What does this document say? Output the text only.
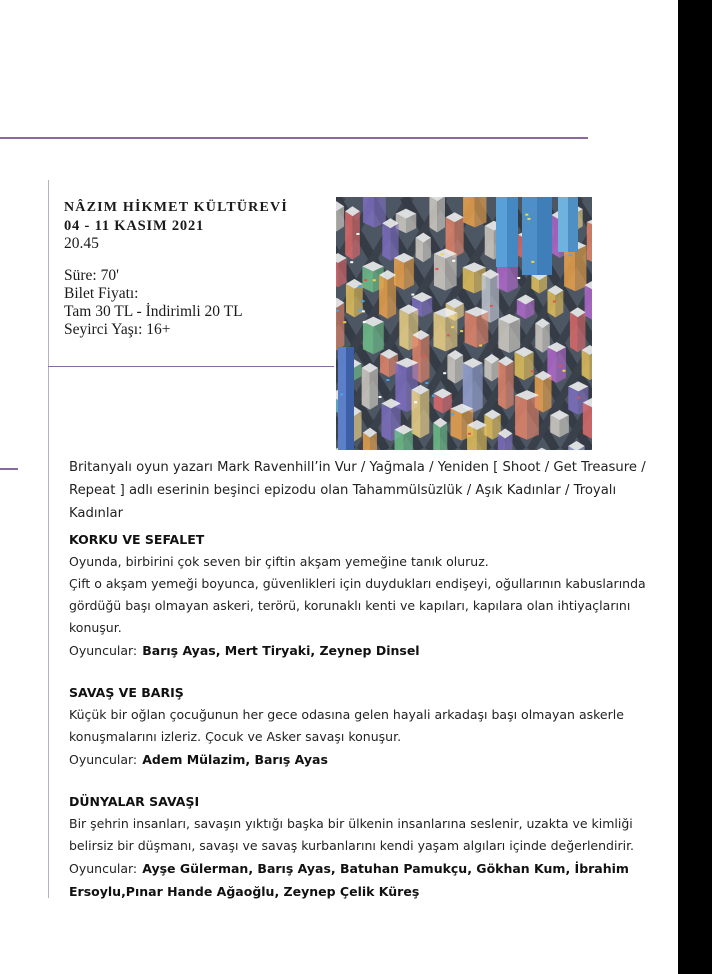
NÂZIM HİKMET KÜLTÜREVİ
04 - 11 KASIM 2021
20.45
Süre: 70'
Bilet Fiyatı:
Tam 30 TL - İndirimli 20 TL
Seyirci Yaşı: 16+

Britanyalı oyun yazarı Mark Ravenhill’in Vur / Yağmala / Yeniden [ Shoot / Get Treasure / Repeat ] adlı eserinin beşinci epizodu olan Tahammülsüzlük / Aşık Kadınlar / Troyalı Kadınlar

KORKU VE SEFALET
Oyunda, birbirini çok seven bir çiftin akşam yemeğine tanık oluruz.
Çift o akşam yemeği boyunca, güvenlikleri için duydukları endişeyi, oğullarının kabuslarında gördüğü başı olmayan askeri, terörü, korunaklı kenti ve kapıları, kapılara olan ihtiyaçlarını konuşur.
Oyuncular: Barış Ayas, Mert Tiryaki, Zeynep Dinsel
SAVAŞ VE BARIŞ
Küçük bir oğlan çocuğunun her gece odasına gelen hayali arkadaşı başı olmayan askerle konuşmalarını izleriz. Çocuk ve Asker savaşı konuşur.
Oyuncular: Adem Mülazim, Barış Ayas
DÜNYALAR SAVAŞI
Bir şehrin insanları, savaşın yıktığı başka bir ülkenin insanlarına seslenir, uzakta ve kimliği belirsiz bir düşmanı, savaşı ve savaş kurbanlarını kendi yaşam algıları içinde değerlendirir.
Oyuncular: Ayşe Gülerman, Barış Ayas, Batuhan Pamukçu, Gökhan Kum, İbrahim Ersoylu,Pınar Hande Ağaoğlu, Zeynep Çelik Küreş
